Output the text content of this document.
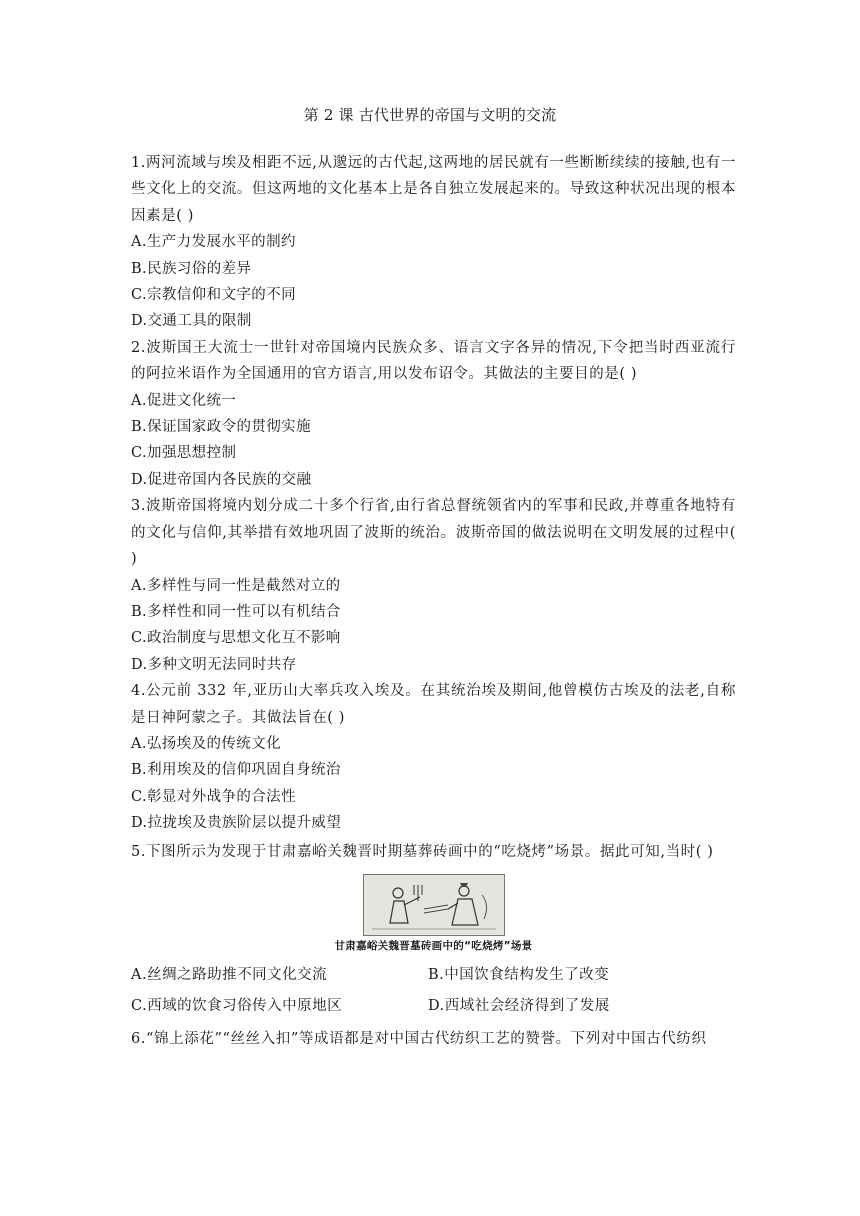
第 2 课 古代世界的帝国与文明的交流

1.两河流域与埃及相距不远,从邈远的古代起,这两地的居民就有一些断断续续的接触,也有一些文化上的交流。但这两地的文化基本上是各自独立发展起来的。导致这种状况出现的根本因素是( )

A.生产力发展水平的制约

B.民族习俗的差异

C.宗教信仰和文字的不同

D.交通工具的限制

2.波斯国王大流士一世针对帝国境内民族众多、语言文字各异的情况,下令把当时西亚流行的阿拉米语作为全国通用的官方语言,用以发布诏令。其做法的主要目的是( )

A.促进文化统一

B.保证国家政令的贯彻实施

C.加强思想控制

D.促进帝国内各民族的交融

3.波斯帝国将境内划分成二十多个行省,由行省总督统领省内的军事和民政,并尊重各地特有的文化与信仰,其举措有效地巩固了波斯的统治。波斯帝国的做法说明在文明发展的过程中( )

A.多样性与同一性是截然对立的

B.多样性和同一性可以有机结合

C.政治制度与思想文化互不影响

D.多种文明无法同时共存

4.公元前 332 年,亚历山大率兵攻入埃及。在其统治埃及期间,他曾模仿古埃及的法老,自称是日神阿蒙之子。其做法旨在( )

A.弘扬埃及的传统文化

B.利用埃及的信仰巩固自身统治

C.彰显对外战争的合法性

D.拉拢埃及贵族阶层以提升威望

5.下图所示为发现于甘肃嘉峪关魏晋时期墓葬砖画中的“吃烧烤”场景。据此可知,当时( )

甘肃嘉峪关魏晋墓砖画中的“吃烧烤”场景

A.丝绸之路助推不同文化交流	B.中国饮食结构发生了改变

C.西域的饮食习俗传入中原地区	D.西域社会经济得到了发展

6.“锦上添花”“丝丝入扣”等成语都是对中国古代纺织工艺的赞誉。下列对中国古代纺织
